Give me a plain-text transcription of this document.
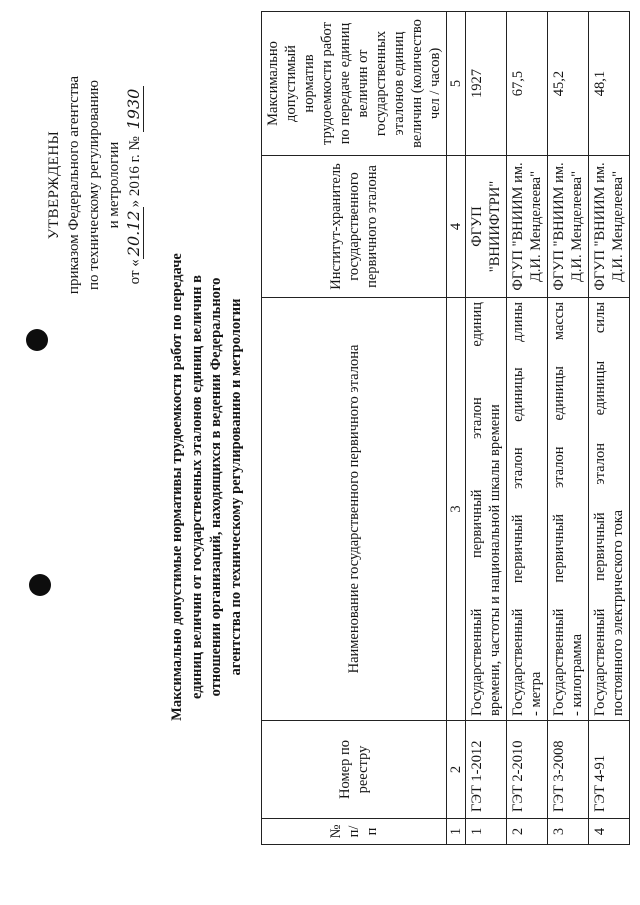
УТВЕРЖДЕНЫ приказом Федерального агентства по техническому регулированию и метрологии
от «20.12» 2016 г. № 1930
Максимально допустимые нормативы трудоемкости работ по передаче единиц величин от государственных эталонов единиц величин в отношении организаций, находящихся в ведении Федерального агентства по техническому регулированию и метрологии
№ п/п	Номер по реестру	Наименование государственного первичного эталона	Институт-хранитель государственного первичного эталона	Максимально допустимый норматив трудоемкости работ по передаче единиц величин от государственных эталонов единиц величин (количество чел / часов)
1	2	3	4	5
1	ГЭТ 1-2012	Государственный первичный эталон единиц времени, частоты и национальной шкалы времени	ФГУП "ВНИИФТРИ"	1927
2	ГЭТ 2-2010	Государственный первичный эталон единицы длины - метра	ФГУП "ВНИИМ им. Д.И. Менделеева"	67,5
3	ГЭТ 3-2008	Государственный первичный эталон единицы массы - килограмма	ФГУП "ВНИИМ им. Д.И. Менделеева"	45,2
4	ГЭТ 4-91	Государственный первичный эталон единицы силы постоянного электрического тока	ФГУП "ВНИИМ им. Д.И. Менделеева"	48,1
